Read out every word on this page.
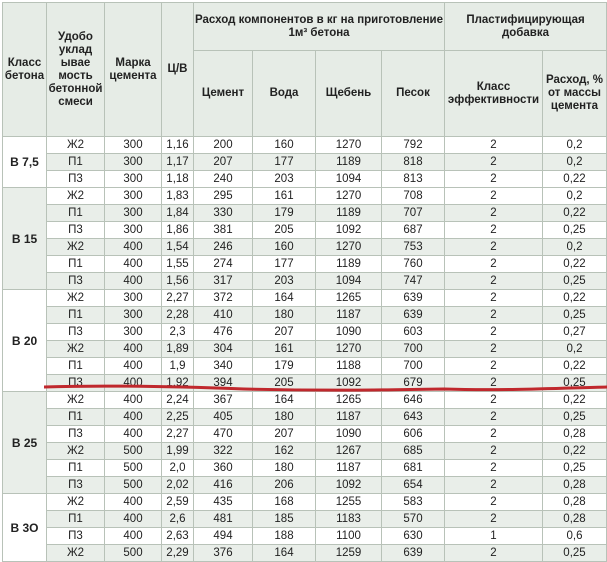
Класс бетона	Удобо уклад ывае мость бетонной смеси	Марка цемента	Ц/В	Расход компонентов в кг на приготовление 1м³ бетона				Пластифицирующая добавка	
				Цемент	Вода	Щебень	Песок	Класс эффективности	Расход, % от массы цемента
В 7,5	Ж2	300	1,16	200	160	1270	792	2	0,2
	П1	300	1,17	207	177	1189	818	2	0,2
	П3	300	1,18	240	203	1094	813	2	0,22
В 15	Ж2	300	1,83	295	161	1270	708	2	0,2
	П1	300	1,84	330	179	1189	707	2	0,22
	П3	300	1,86	381	205	1092	687	2	0,25
	Ж2	400	1,54	246	160	1270	753	2	0,2
	П1	400	1,55	274	177	1189	760	2	0,22
	П3	400	1,56	317	203	1094	747	2	0,25
В 20	Ж2	300	2,27	372	164	1265	639	2	0,22
	П1	300	2,28	410	180	1187	639	2	0,25
	П3	300	2,3	476	207	1090	603	2	0,27
	Ж2	400	1,89	304	161	1270	700	2	0,2
	П1	400	1,9	340	179	1188	700	2	0,22
	П3	400	1,92	394	205	1092	679	2	0,25
В 25	Ж2	400	2,24	367	164	1265	646	2	0,22
	П1	400	2,25	405	180	1187	643	2	0,25
	П3	400	2,27	470	207	1090	606	2	0,28
	Ж2	500	1,99	322	162	1267	685	2	0,22
	П1	500	2,0	360	180	1187	681	2	0,25
	П3	500	2,02	416	206	1092	654	2	0,28
В 3О	Ж2	400	2,59	435	168	1255	583	2	0,28
	П1	400	2,6	481	185	1183	570	2	0,28
	П3	400	2,63	494	188	1100	630	1	0,6
	Ж2	500	2,29	376	164	1259	639	2	0,25
